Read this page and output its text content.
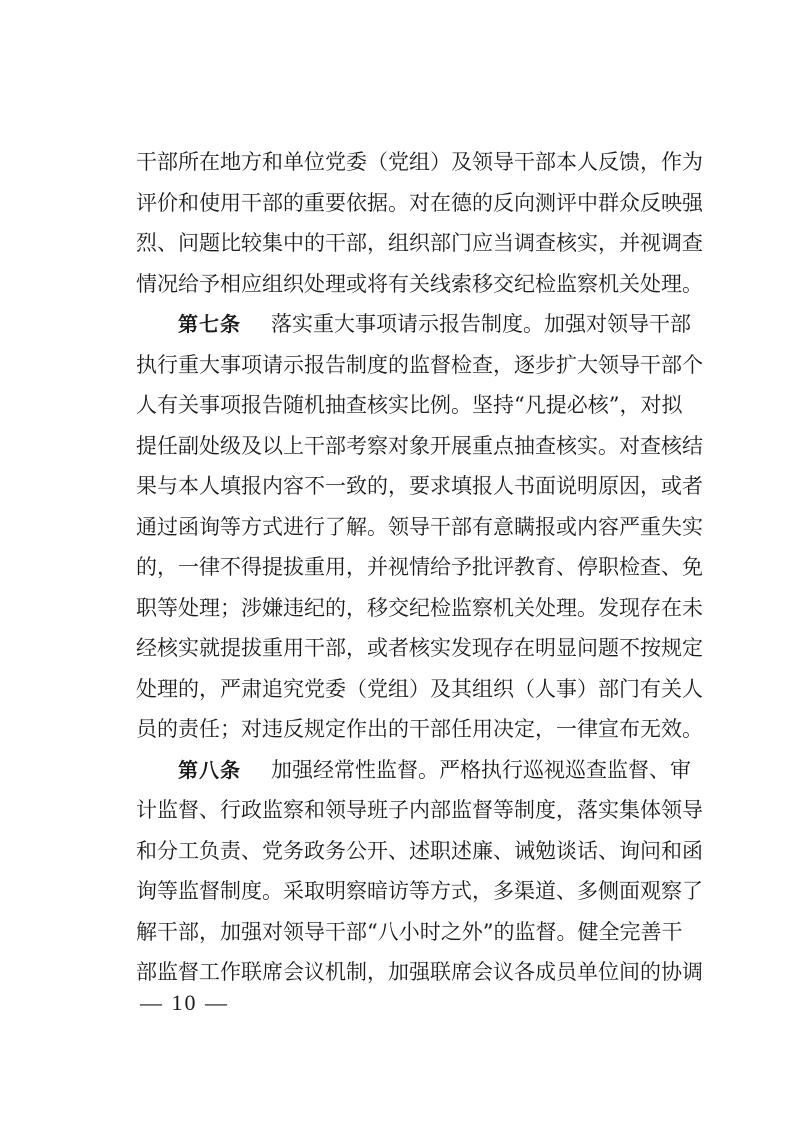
干部所在地方和单位党委（党组）及领导干部本人反馈，作为
评价和使用干部的重要依据。对在德的反向测评中群众反映强
烈、问题比较集中的干部，组织部门应当调查核实，并视调查
情况给予相应组织处理或将有关线索移交纪检监察机关处理。
第七条 落实重大事项请示报告制度。加强对领导干部
执行重大事项请示报告制度的监督检查，逐步扩大领导干部个
人有关事项报告随机抽查核实比例。坚持“凡提必核”，对拟
提任副处级及以上干部考察对象开展重点抽查核实。对查核结
果与本人填报内容不一致的，要求填报人书面说明原因，或者
通过函询等方式进行了解。领导干部有意瞒报或内容严重失实
的，一律不得提拔重用，并视情给予批评教育、停职检查、免
职等处理；涉嫌违纪的，移交纪检监察机关处理。发现存在未
经核实就提拔重用干部，或者核实发现存在明显问题不按规定
处理的，严肃追究党委（党组）及其组织（人事）部门有关人
员的责任；对违反规定作出的干部任用决定，一律宣布无效。
第八条 加强经常性监督。严格执行巡视巡查监督、审
计监督、行政监察和领导班子内部监督等制度，落实集体领导
和分工负责、党务政务公开、述职述廉、诫勉谈话、询问和函
询等监督制度。采取明察暗访等方式，多渠道、多侧面观察了
解干部，加强对领导干部“八小时之外”的监督。健全完善干
部监督工作联席会议机制，加强联席会议各成员单位间的协调
— 10 —
